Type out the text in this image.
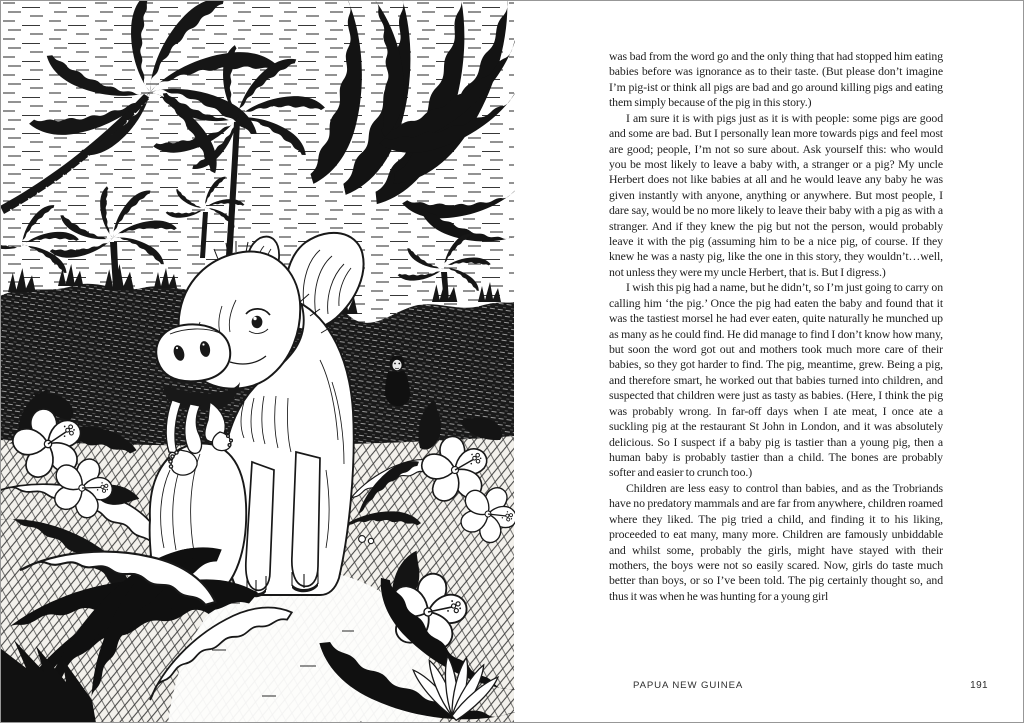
was bad from the word go and the only thing that had stopped him eating babies before was ignorance as to their taste. (But please don’t imagine I’m pig-ist or think all pigs are bad and go around killing pigs and eating them simply because of the pig in this story.)

I am sure it is with pigs just as it is with people: some pigs are good and some are bad. But I personally lean more towards pigs and feel most are good; people, I’m not so sure about. Ask yourself this: who would you be most likely to leave a baby with, a stranger or a pig? My uncle Herbert does not like babies at all and he would leave any baby he was given instantly with anyone, anything or anywhere. But most people, I dare say, would be no more likely to leave their baby with a pig as with a stranger. And if they knew the pig but not the person, would probably leave it with the pig (assuming him to be a nice pig, of course. If they knew he was a nasty pig, like the one in this story, they wouldn’t…well, not unless they were my uncle Herbert, that is. But I digress.)

I wish this pig had a name, but he didn’t, so I’m just going to carry on calling him ‘the pig.’ Once the pig had eaten the baby and found that it was the tastiest morsel he had ever eaten, quite naturally he munched up as many as he could find. He did manage to find I don’t know how many, but soon the word got out and mothers took much more care of their babies, so they got harder to find. The pig, meantime, grew. Being a pig, and therefore smart, he worked out that babies turned into children, and suspected that children were just as tasty as babies. (Here, I think the pig was probably wrong. In far-off days when I ate meat, I once ate a suckling pig at the restaurant St John in London, and it was absolutely delicious. So I suspect if a baby pig is tastier than a young pig, then a human baby is probably tastier than a child. The bones are probably softer and easier to crunch too.)

Children are less easy to control than babies, and as the Trobriands have no predatory mammals and are far from anywhere, children roamed where they liked. The pig tried a child, and finding it to his liking, proceeded to eat many, many more. Children are famously unbiddable and whilst some, probably the girls, might have stayed with their mothers, the boys were not so easily scared. Now, girls do taste much better than boys, or so I’ve been told. The pig certainly thought so, and thus it was when he was hunting for a young girl

PAPUA NEW GUINEA	191
